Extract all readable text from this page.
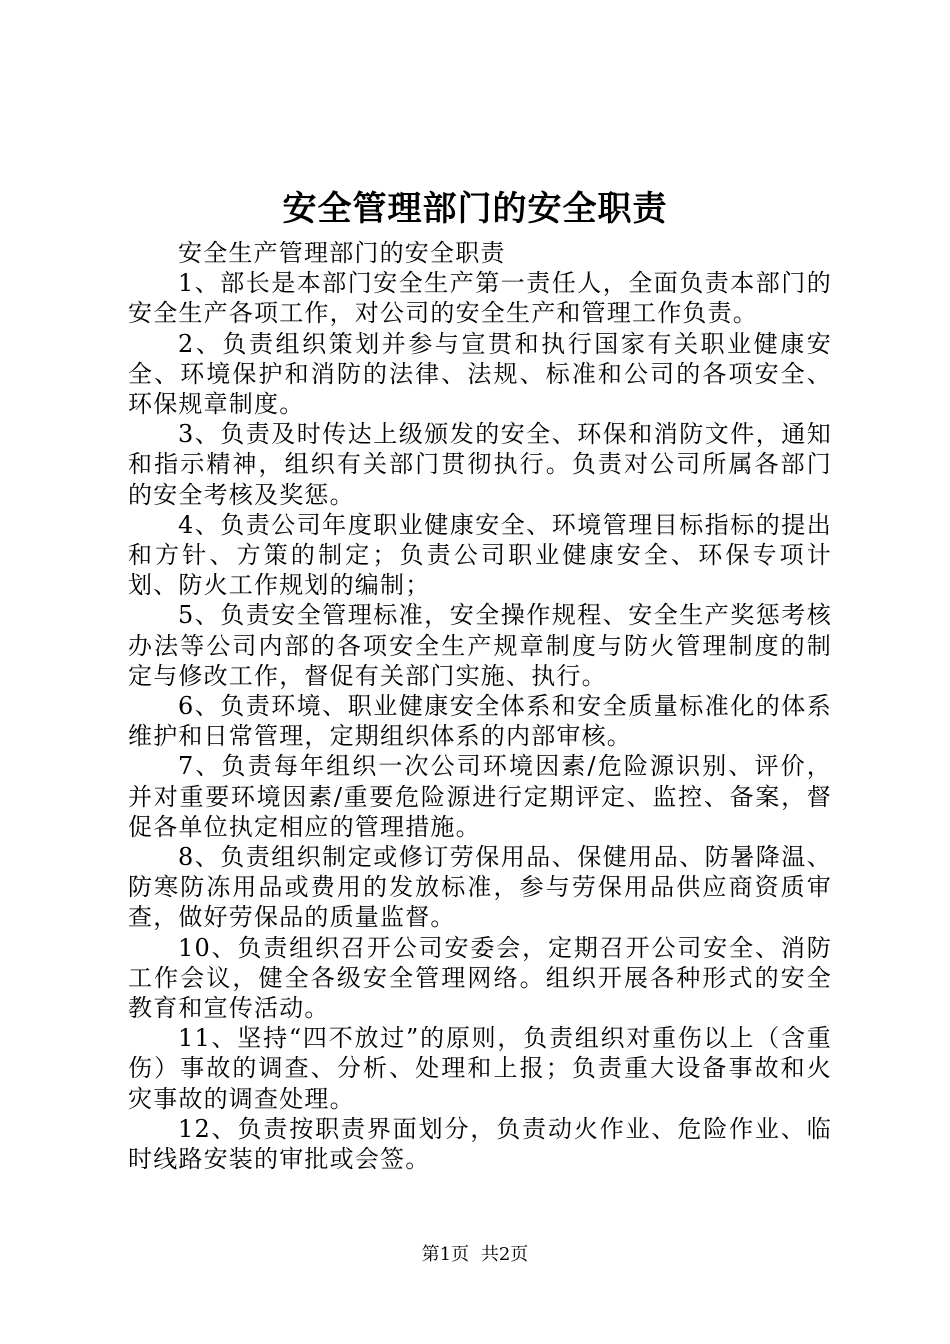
安全管理部门的安全职责

安全生产管理部门的安全职责

1、部长是本部门安全生产第一责任人，全面负责本部门的安全生产各项工作，对公司的安全生产和管理工作负责。

2、负责组织策划并参与宣贯和执行国家有关职业健康安全、环境保护和消防的法律、法规、标准和公司的各项安全、环保规章制度。

3、负责及时传达上级颁发的安全、环保和消防文件，通知和指示精神，组织有关部门贯彻执行。负责对公司所属各部门的安全考核及奖惩。

4、负责公司年度职业健康安全、环境管理目标指标的提出和方针、方策的制定；负责公司职业健康安全、环保专项计划、防火工作规划的编制；

5、负责安全管理标准，安全操作规程、安全生产奖惩考核办法等公司内部的各项安全生产规章制度与防火管理制度的制定与修改工作，督促有关部门实施、执行。

6、负责环境、职业健康安全体系和安全质量标准化的体系维护和日常管理，定期组织体系的内部审核。

7、负责每年组织一次公司环境因素/危险源识别、评价，并对重要环境因素/重要危险源进行定期评定、监控、备案，督促各单位执定相应的管理措施。

8、负责组织制定或修订劳保用品、保健用品、防暑降温、防寒防冻用品或费用的发放标准，参与劳保用品供应商资质审查，做好劳保品的质量监督。

10、负责组织召开公司安委会，定期召开公司安全、消防工作会议，健全各级安全管理网络。组织开展各种形式的安全教育和宣传活动。

11、坚持“四不放过”的原则，负责组织对重伤以上（含重伤）事故的调查、分析、处理和上报；负责重大设备事故和火灾事故的调查处理。

12、负责按职责界面划分，负责动火作业、危险作业、临时线路安装的审批或会签。

第1页 共2页
